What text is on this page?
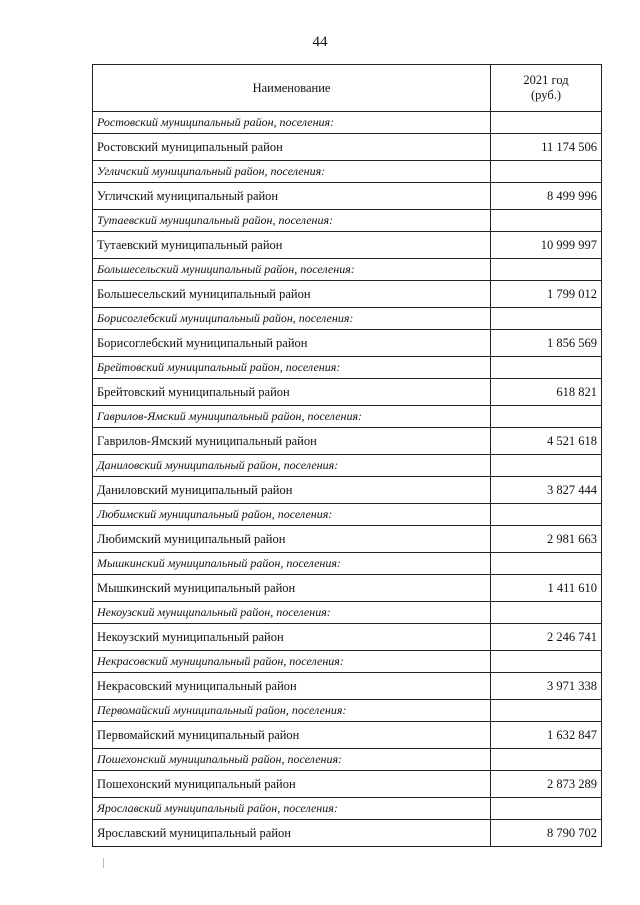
44
Наименование	2021 год
(руб.)
Ростовский муниципальный район, поселения:	
Ростовский муниципальный район	11 174 506
Угличский муниципальный район, поселения:	
Угличский муниципальный район	8 499 996
Тутаевский муниципальный район, поселения:	
Тутаевский муниципальный район	10 999 997
Большесельский муниципальный район, поселения:	
Большесельский муниципальный район	1 799 012
Борисоглебский муниципальный район, поселения:	
Борисоглебский муниципальный район	1 856 569
Брейтовский муниципальный район, поселения:	
Брейтовский муниципальный район	618 821
Гаврилов-Ямский муниципальный район, поселения:	
Гаврилов-Ямский муниципальный район	4 521 618
Даниловский муниципальный район, поселения:	
Даниловский муниципальный район	3 827 444
Любимский муниципальный район, поселения:	
Любимский муниципальный район	2 981 663
Мышкинский муниципальный район, поселения:	
Мышкинский муниципальный район	1 411 610
Некоузский муниципальный район, поселения:	
Некоузский муниципальный район	2 246 741
Некрасовский муниципальный район, поселения:	
Некрасовский муниципальный район	3 971 338
Первомайский муниципальный район, поселения:	
Первомайский муниципальный район	1 632 847
Пошехонский муниципальный район, поселения:	
Пошехонский муниципальный район	2 873 289
Ярославский муниципальный район, поселения:	
Ярославский муниципальный район	8 790 702
